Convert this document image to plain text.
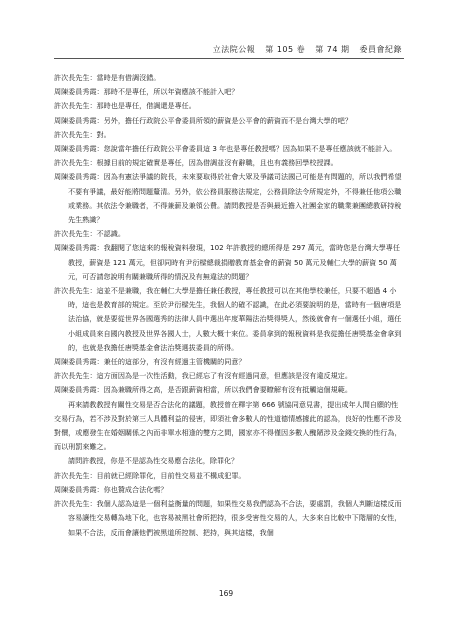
立法院公報 第 105 卷 第 74 期 委員會紀錄

許次長先生：當時是有借調沒錯。

周陳委員秀霞：那時不是專任，所以年資應該不能計入吧？

許次長先生：那時也是專任，借調還是專任。

周陳委員秀霞：另外，擔任行政院公平會委員所領的薪資是公平會的薪資而不是台灣大學的吧？

許次長先生：對。

周陳委員秀霞：您說當年擔任行政院公平會委員這 3 年也是專任教授嗎？因為如果不是專任應該就不能計入。

許次長先生：根據目前的規定確實是專任，因為借調並沒有辭職，且也有義務回學校授課。

周陳委員秀霞：因為有憲法爭議的院長，未來要取得於社會大眾及爭議司法國己可能是有問題的，所以我們希望不要有爭議，最好能將問題釐清。另外，依公務員服務法規定，公務員除法令所規定外，不得兼任他項公職或業務。其依法令兼職者，不得兼薪及兼領公費。請問教授是否與最近擔入社團金家的職業兼團總教研持稅先生熟識？

許次長先生：不認識。

周陳委員秀霞：我翻閱了您這來的報稅資料發現，102 年許教授的總所得是 297 萬元，當時您是台灣大學專任教授，薪資是 121 萬元，但卻同時有尹衍樑總裁捐贈教育基金會的薪資 50 萬元及輔仁大學的薪資 50 萬元，可否請您說明有關兼職所得的情況及有無違法的問題？

許次長先生：這並不是兼職，我在輔仁大學是擔任兼任教授，專任教授可以在其他學校兼任，只要不超過 4 小時，這也是教育部的規定。至於尹衍樑先生，我個人的確不認識，在此必須要說明的是，當時有一個唐項是法治協，就是要從世界各國選秀的法律人員中選出年度華陽法治獎得獎人，然後就會有一個選任小組，選任小組成員來自國內教授及世界各國人士，人數大概十來位。委員拿到的報稅資料是我從擔任唐獎基金會拿到的，也就是我擔任唐獎基金會法治獎選拔委員的所得。

周陳委員秀霞：兼任的這部分，有沒有經過主管機關的同意？

許次長先生：這方面因為是一次性活動，我已經忘了有沒有經過同意，但應該是沒有違反規定。

周陳委員秀霞：因為兼職所得之高，是否跟薪資相當，所以我們會要瞭解有沒有抵觸這個規範。

再來請教教授有關性交易是否合法化的議題，教授曾在釋字第 666 號協同意見書，提出成年人間自願的性交易行為，若不涉及對於第三人具體利益的侵害，即須社會多數人的性道德情感據此的認為，良好的性應不涉及對價，或應發生在婚姻關係之內而非單水相逢的雙方之間，國家亦不得僅因多數人醜陋涉及金錢交換的性行為，而以刑罰來難之。

請問許教授，你是不是認為性交易應合法化，除罪化？

許次長先生：目前就已經除罪化，目前性交易並不構成犯罪。

周陳委員秀霞：你也贊成合法化嗎？

許次長先生：我個人認為這是一個利益衡量的問題，如果性交易我們認為不合法，要處罰，我個人判斷這樣反而容易讓性交易轉為地下化，也容易被黑社會所把持，很多受害性交易的人，大多來自比較中下階層的女性，如果不合法，反而會讓他們被黑道所控制、把持，與其這樣，我個

169
